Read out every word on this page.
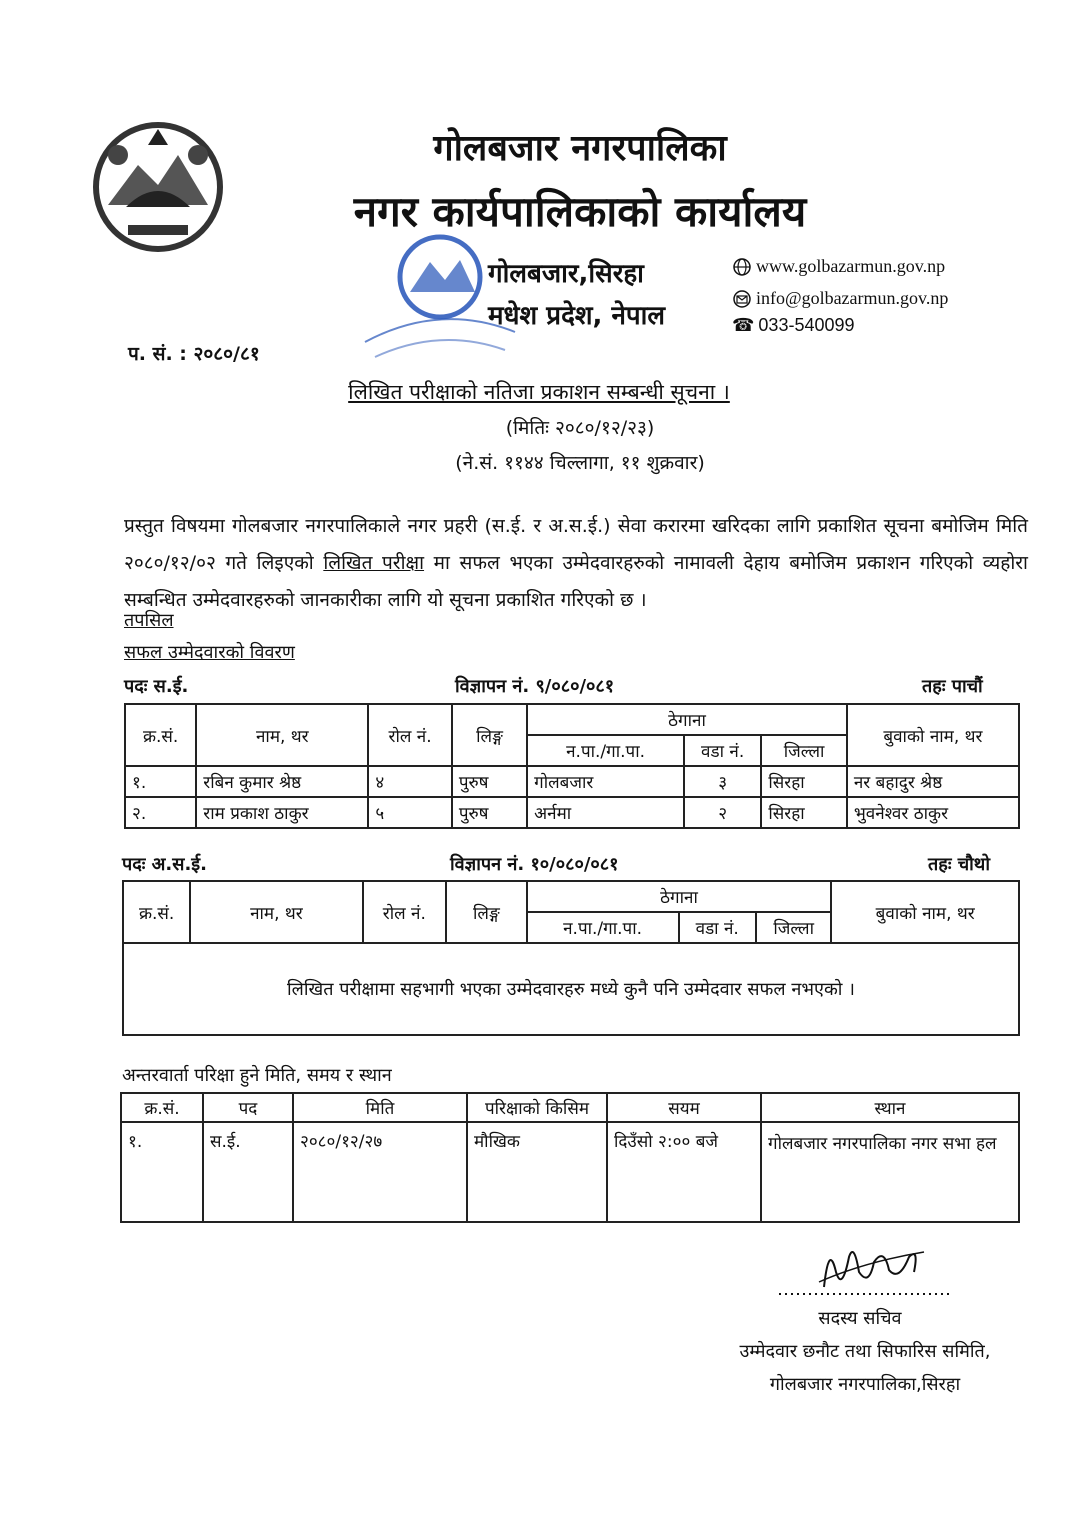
गोलबजार नगरपालिका
नगर कार्यपालिकाको कार्यालय
गोलबजार,सिरहा
मधेश प्रदेश, नेपाल
www.golbazarmun.gov.np
info@golbazarmun.gov.np
☎ 033-540099
प. सं. : २०८०/८१
लिखित परीक्षाको नतिजा प्रकाशन सम्बन्धी सूचना ।
(मितिः २०८०/१२/२३)
(ने.सं. ११४४ चिल्लागा, ११ शुक्रवार)
प्रस्तुत विषयमा गोलबजार नगरपालिकाले नगर प्रहरी (स.ई. र अ.स.ई.) सेवा करारमा खरिदका लागि प्रकाशित सूचना बमोजिम मिति २०८०/१२/०२ गते लिइएको लिखित परीक्षा मा सफल भएका उम्मेदवारहरुको नामावली देहाय बमोजिम प्रकाशन गरिएको व्यहोरा सम्बन्धित उम्मेदवारहरुको जानकारीका लागि यो सूचना प्रकाशित गरिएको छ ।
तपसिल
सफल उम्मेदवारको विवरण
पदः स.ई.	विज्ञापन नं. ९/०८०/०८१	तहः पाचौं
क्र.सं.	नाम, थर	रोल नं.	लिङ्ग	ठेगाना			बुवाको नाम, थर
				न.पा./गा.पा.	वडा नं.	जिल्ला	
१.	रबिन कुमार श्रेष्ठ	४	पुरुष	गोलबजार	३	सिरहा	नर बहादुर श्रेष्ठ
२.	राम प्रकाश ठाकुर	५	पुरुष	अर्नमा	२	सिरहा	भुवनेश्वर ठाकुर
पदः अ.स.ई.	विज्ञापन नं. १०/०८०/०८१	तहः चौथो
क्र.सं.	नाम, थर	रोल नं.	लिङ्ग	ठेगाना			बुवाको नाम, थर
				न.पा./गा.पा.	वडा नं.	जिल्ला	
लिखित परीक्षामा सहभागी भएका उम्मेदवारहरु मध्ये कुनै पनि उम्मेदवार सफल नभएको ।							
अन्तरवार्ता परिक्षा हुने मिति, समय र स्थान
क्र.सं.	पद	मिति	परिक्षाको किसिम	सयम	स्थान
१.	स.ई.	२०८०/१२/२७	मौखिक	दिउँसो २:०० बजे	गोलबजार नगरपालिका नगर सभा हल
सदस्य सचिव
उम्मेदवार छनौट तथा सिफारिस समिति,
गोलबजार नगरपालिका,सिरहा
